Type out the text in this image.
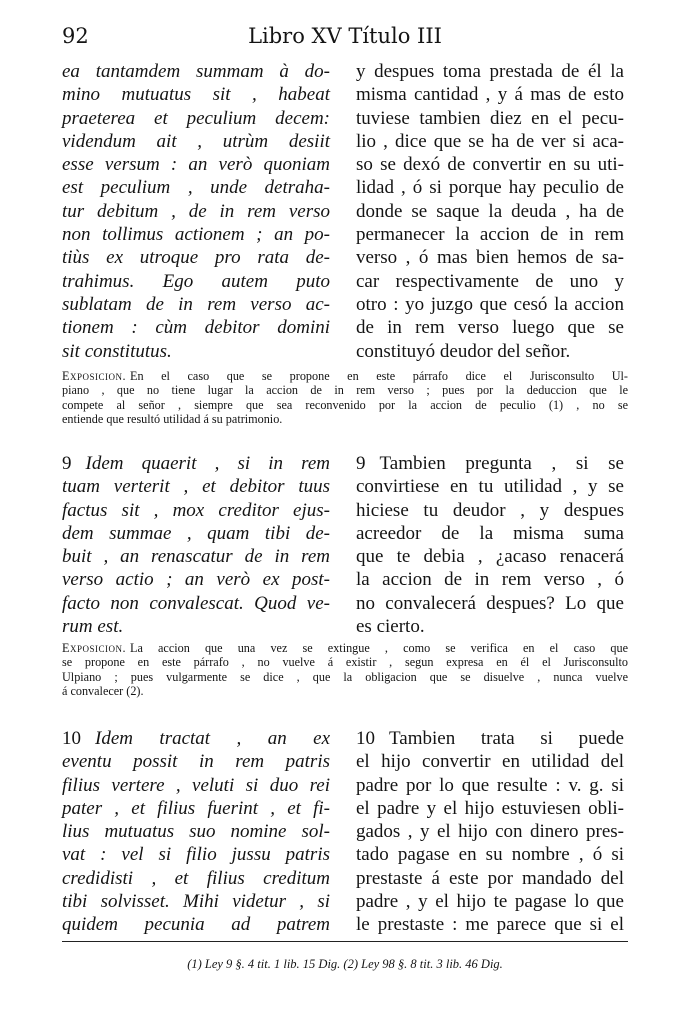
92	Libro XV Título III
ea tantamdem summam à do-
mino mutuatus sit , habeat
praeterea et peculium decem:
videndum ait , utrùm desiit
esse versum : an verò quoniam
est peculium , unde detraha-
tur debitum , de in rem verso
non tollimus actionem ; an po-
tiùs ex utroque pro rata de-
trahimus. Ego autem puto
sublatam de in rem verso ac-
tionem : cùm debitor domini
sit constitutus.
y despues toma prestada de él la
misma cantidad , y á mas de esto
tuviese tambien diez en el pecu-
lio , dice que se ha de ver si aca-
so se dexó de convertir en su uti-
lidad , ó si porque hay peculio de
donde se saque la deuda , ha de
permanecer la accion de in rem
verso , ó mas bien hemos de sa-
car respectivamente de uno y
otro : yo juzgo que cesó la accion
de in rem verso luego que se
constituyó deudor del señor.
Exposicion. En el caso que se propone en este párrafo dice el Jurisconsulto Ul-
piano , que no tiene lugar la accion de in rem verso ; pues por la deduccion que le
compete al señor , siempre que sea reconvenido por la accion de peculio (1) , no se
entiende que resultó utilidad á su patrimonio.
9 Idem quaerit , si in rem
tuam verterit , et debitor tuus
factus sit , mox creditor ejus-
dem summae , quam tibi de-
buit , an renascatur de in rem
verso actio ; an verò ex post-
facto non convalescat. Quod ve-
rum est.
9 Tambien pregunta , si se
convirtiese en tu utilidad , y se
hiciese tu deudor , y despues
acreedor de la misma suma
que te debia , ¿acaso renacerá
la accion de in rem verso , ó
no convalecerá despues? Lo que
es cierto.
Exposicion. La accion que una vez se extingue , como se verifica en el caso que
se propone en este párrafo , no vuelve á existir , segun expresa en él el Jurisconsulto
Ulpiano ; pues vulgarmente se dice , que la obligacion que se disuelve , nunca vuelve
á convalecer (2).
10 Idem tractat , an ex
eventu possit in rem patris
filius vertere , veluti si duo rei
pater , et filius fuerint , et fi-
lius mutuatus suo nomine sol-
vat : vel si filio jussu patris
credidisti , et filius creditum
tibi solvisset. Mihi videtur , si
quidem pecunia ad patrem
10 Tambien trata si puede
el hijo convertir en utilidad del
padre por lo que resulte : v. g. si
el padre y el hijo estuviesen obli-
gados , y el hijo con dinero pres-
tado pagase en su nombre , ó si
prestaste á este por mandado del
padre , y el hijo te pagase lo que
le prestaste : me parece que si el
(1) Ley 9 §. 4 tit. 1 lib. 15 Dig. (2) Ley 98 §. 8 tit. 3 lib. 46 Dig.
